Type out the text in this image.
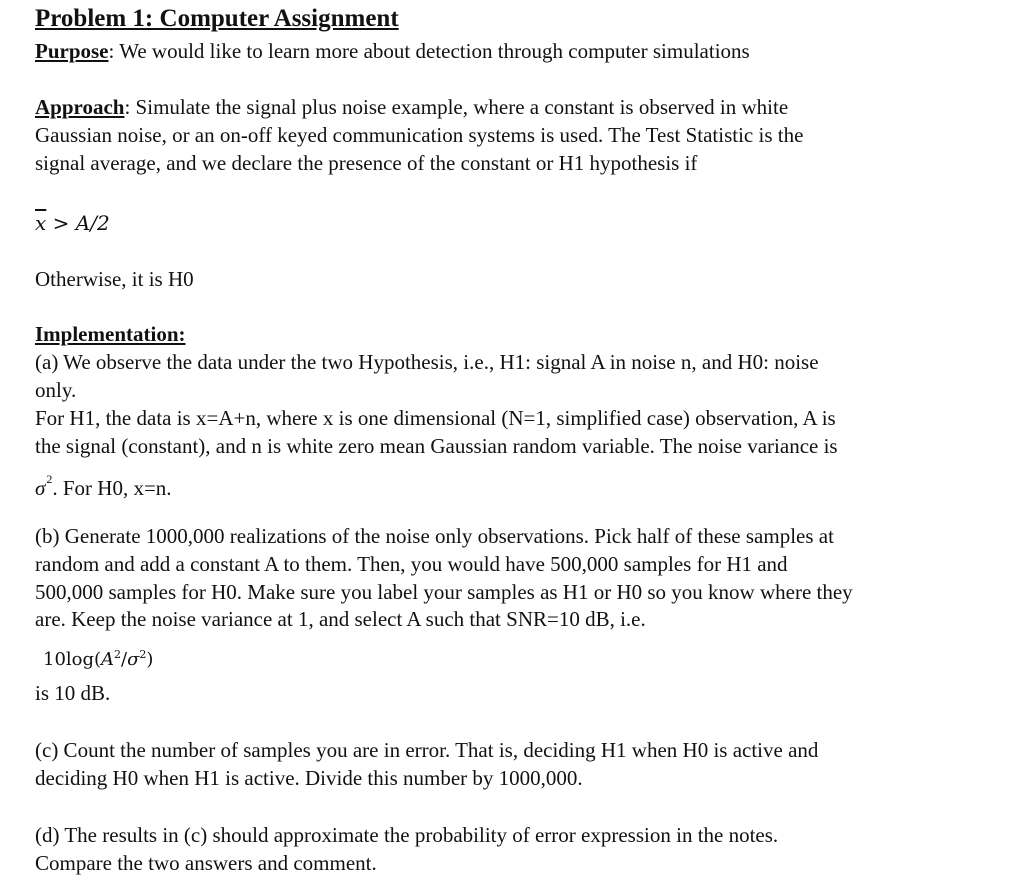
Problem 1: Computer Assignment
Purpose: We would like to learn more about detection through computer simulations
Approach: Simulate the signal plus noise example, where a constant is observed in white
Gaussian noise, or an on-off keyed communication systems is used. The Test Statistic is the
signal average, and we declare the presence of the constant or H1 hypothesis if
$\overline{x} > A/2$
Otherwise, it is H0
Implementation:
(a) We observe the data under the two Hypothesis, i.e., H1: signal A in noise n, and H0: noise
only.
For H1, the data is x=A+n, where x is one dimensional (N=1, simplified case) observation, A is
the signal (constant), and n is white zero mean Gaussian random variable. The noise variance is
$\sigma^2$. For H0, x=n.
(b) Generate 1000,000 realizations of the noise only observations. Pick half of these samples at
random and add a constant A to them. Then, you would have 500,000 samples for H1 and
500,000 samples for H0. Make sure you label your samples as H1 or H0 so you know where they
are. Keep the noise variance at 1, and select A such that SNR=10 dB, i.e.
$10\log(A^2/\sigma^2)$
is 10 dB.
(c) Count the number of samples you are in error. That is, deciding H1 when H0 is active and
deciding H0 when H1 is active. Divide this number by 1000,000.
(d) The results in (c) should approximate the probability of error expression in the notes.
Compare the two answers and comment.
